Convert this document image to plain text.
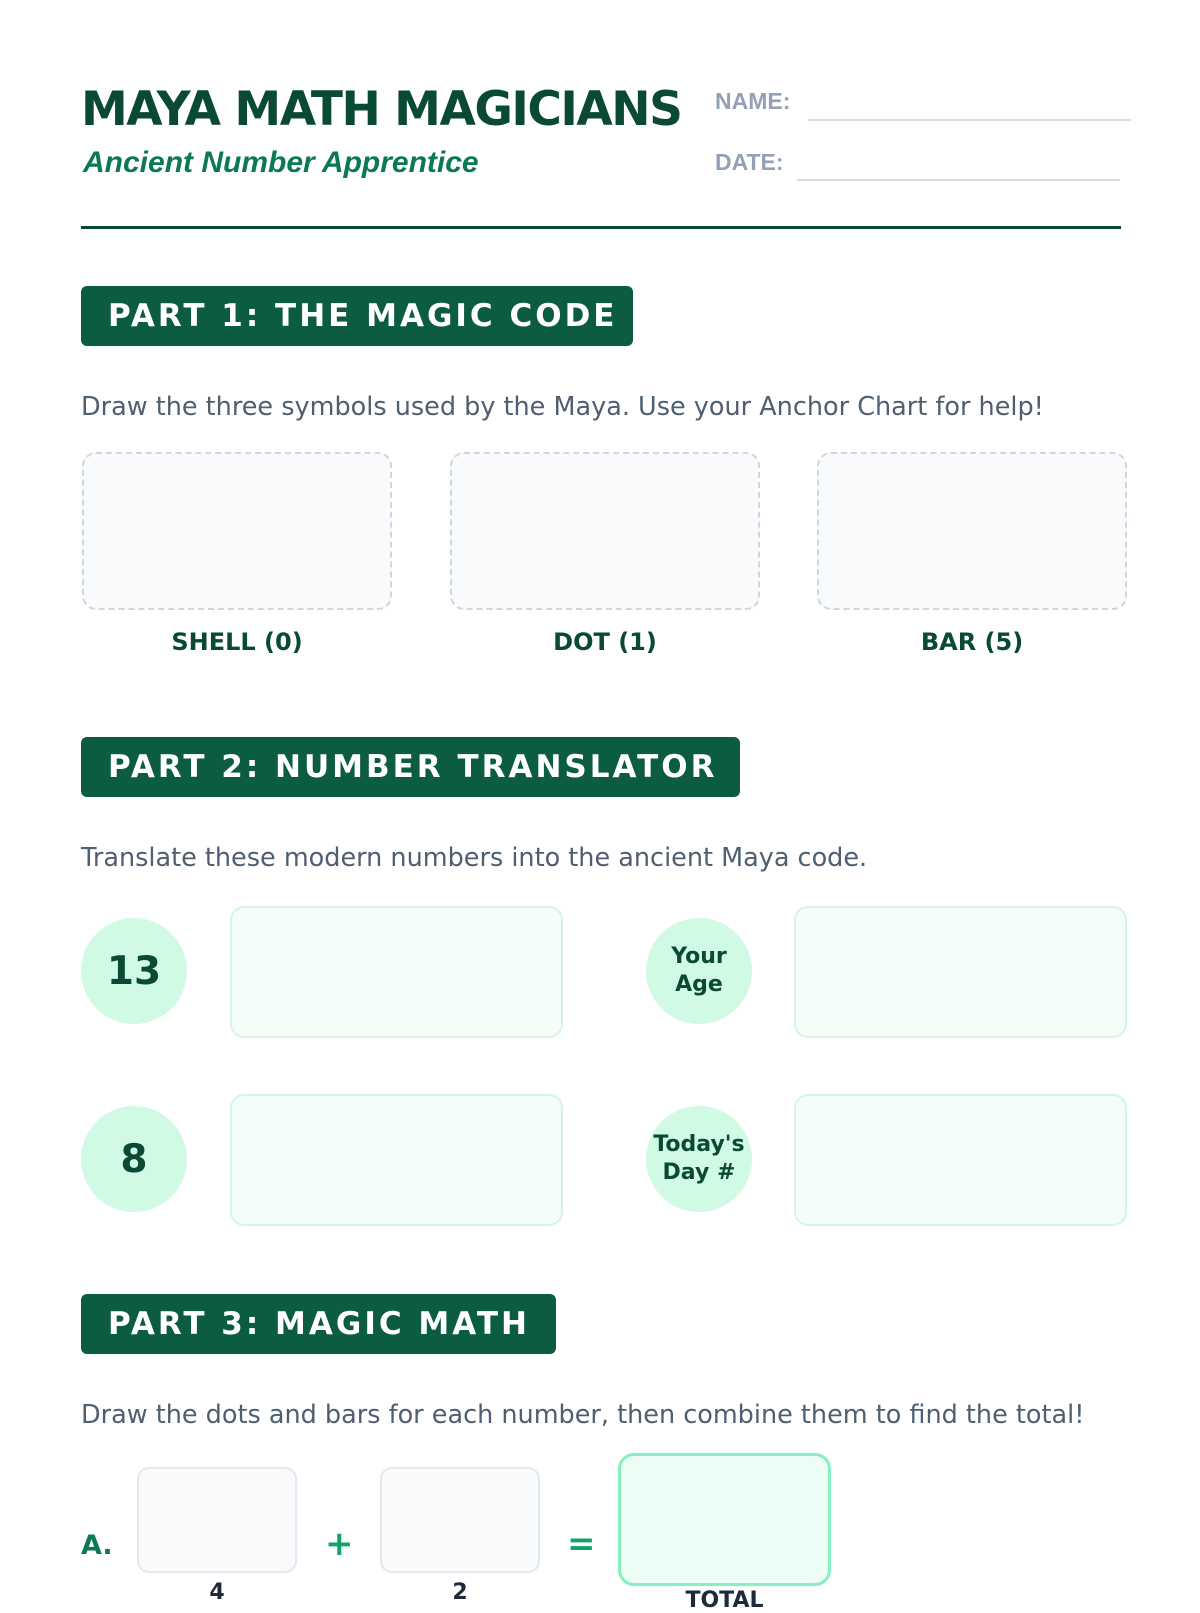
MAYA MATH MAGICIANS
Ancient Number Apprentice
NAME:
DATE:
PART 1: THE MAGIC CODE
Draw the three symbols used by the Maya. Use your Anchor Chart for help!
SHELL (0)	DOT (1)	BAR (5)
PART 2: NUMBER TRANSLATOR
Translate these modern numbers into the ancient Maya code.
13	Your
Age
8	Today's
Day #
PART 3: MAGIC MATH
Draw the dots and bars for each number, then combine them to find the total!
A.	+	=
4	2	TOTAL
